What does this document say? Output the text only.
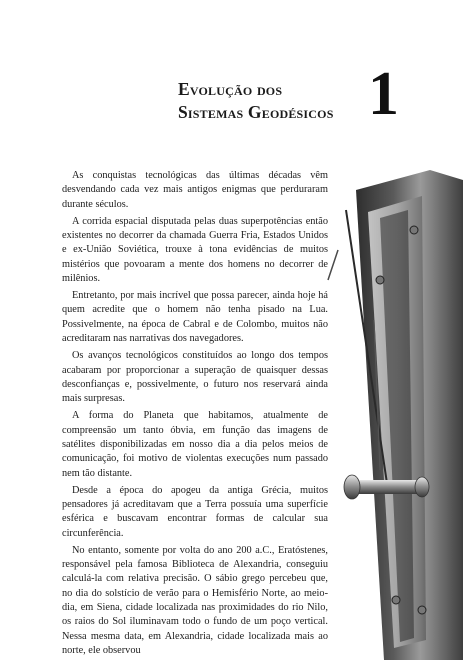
Evolução dos
Sistemas Geodésicos 1

As conquistas tecnológicas das últimas décadas vêm desvendando cada vez mais antigos enigmas que perduraram durante séculos.

A corrida espacial disputada pelas duas superpotências então existentes no decorrer da chamada Guerra Fria, Estados Unidos e ex-União Soviética, trouxe à tona evidências de muitos mistérios que povoaram a mente dos homens no decorrer de milênios.

Entretanto, por mais incrível que possa parecer, ainda hoje há quem acredite que o homem não tenha pisado na Lua. Possivelmente, na época de Cabral e de Colombo, muitos não acreditaram nas narrativas dos navegadores.

Os avanços tecnológicos constituídos ao longo dos tempos acabaram por proporcionar a superação de quaisquer dessas desconfianças e, possivelmente, o futuro nos reservará ainda mais surpresas.

A forma do Planeta que habitamos, atualmente de compreensão um tanto óbvia, em função das imagens de satélites disponibilizadas em nosso dia a dia pelos meios de comunicação, foi motivo de violentas execuções num passado nem tão distante.

Desde a época do apogeu da antiga Grécia, muitos pensadores já acreditavam que a Terra possuía uma superfície esférica e buscavam encontrar formas de calcular sua circunferência.

No entanto, somente por volta do ano 200 a.C., Eratóstenes, responsável pela famosa Biblioteca de Alexandria, conseguiu calculá-la com relativa precisão. O sábio grego percebeu que, no dia do solstício de verão para o Hemisfério Norte, ao meio-dia, em Siena, cidade localizada nas proximidades do rio Nilo, os raios do Sol iluminavam todo o fundo de um poço vertical. Nessa mesma data, em Alexandria, cidade localizada mais ao norte, ele observou
